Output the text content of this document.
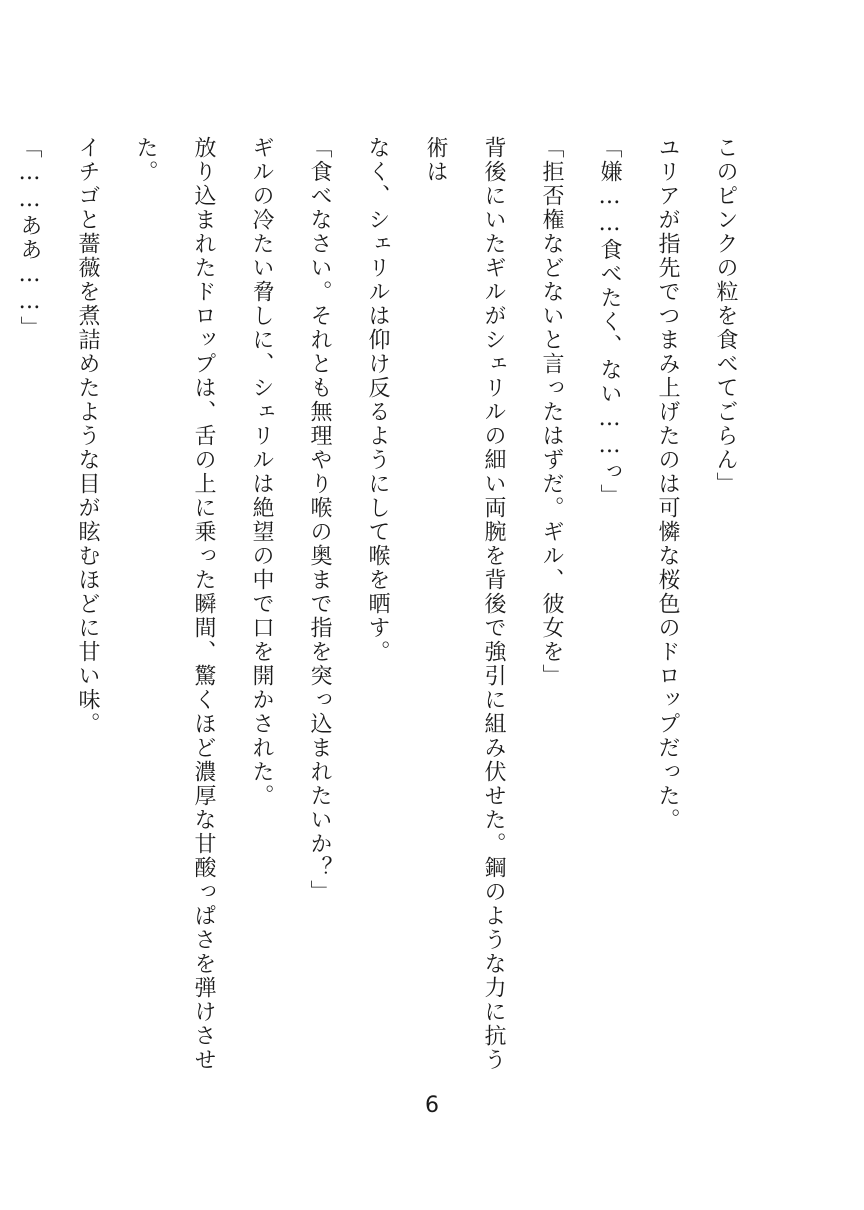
このピンクの粒を食べてごらん」

ユリアが指先でつまみ上げたのは可憐な桜色のドロップだった。

「嫌……食べたく、ない……っ」

「拒否権などないと言ったはずだ。ギル、彼女を」

背後にいたギルがシェリルの細い両腕を背後で強引に組み伏せた。鋼のような力に抗う術は

なく、シェリルは仰け反るようにして喉を晒す。

「食べなさい。それとも無理やり喉の奥まで指を突っ込まれたいか？」

ギルの冷たい脅しに、シェリルは絶望の中で口を開かされた。

放り込まれたドロップは、舌の上に乗った瞬間、驚くほど濃厚な甘酸っぱさを弾けさせた。

イチゴと薔薇を煮詰めたような目が眩むほどに甘い味。

「……ああ……」

6
